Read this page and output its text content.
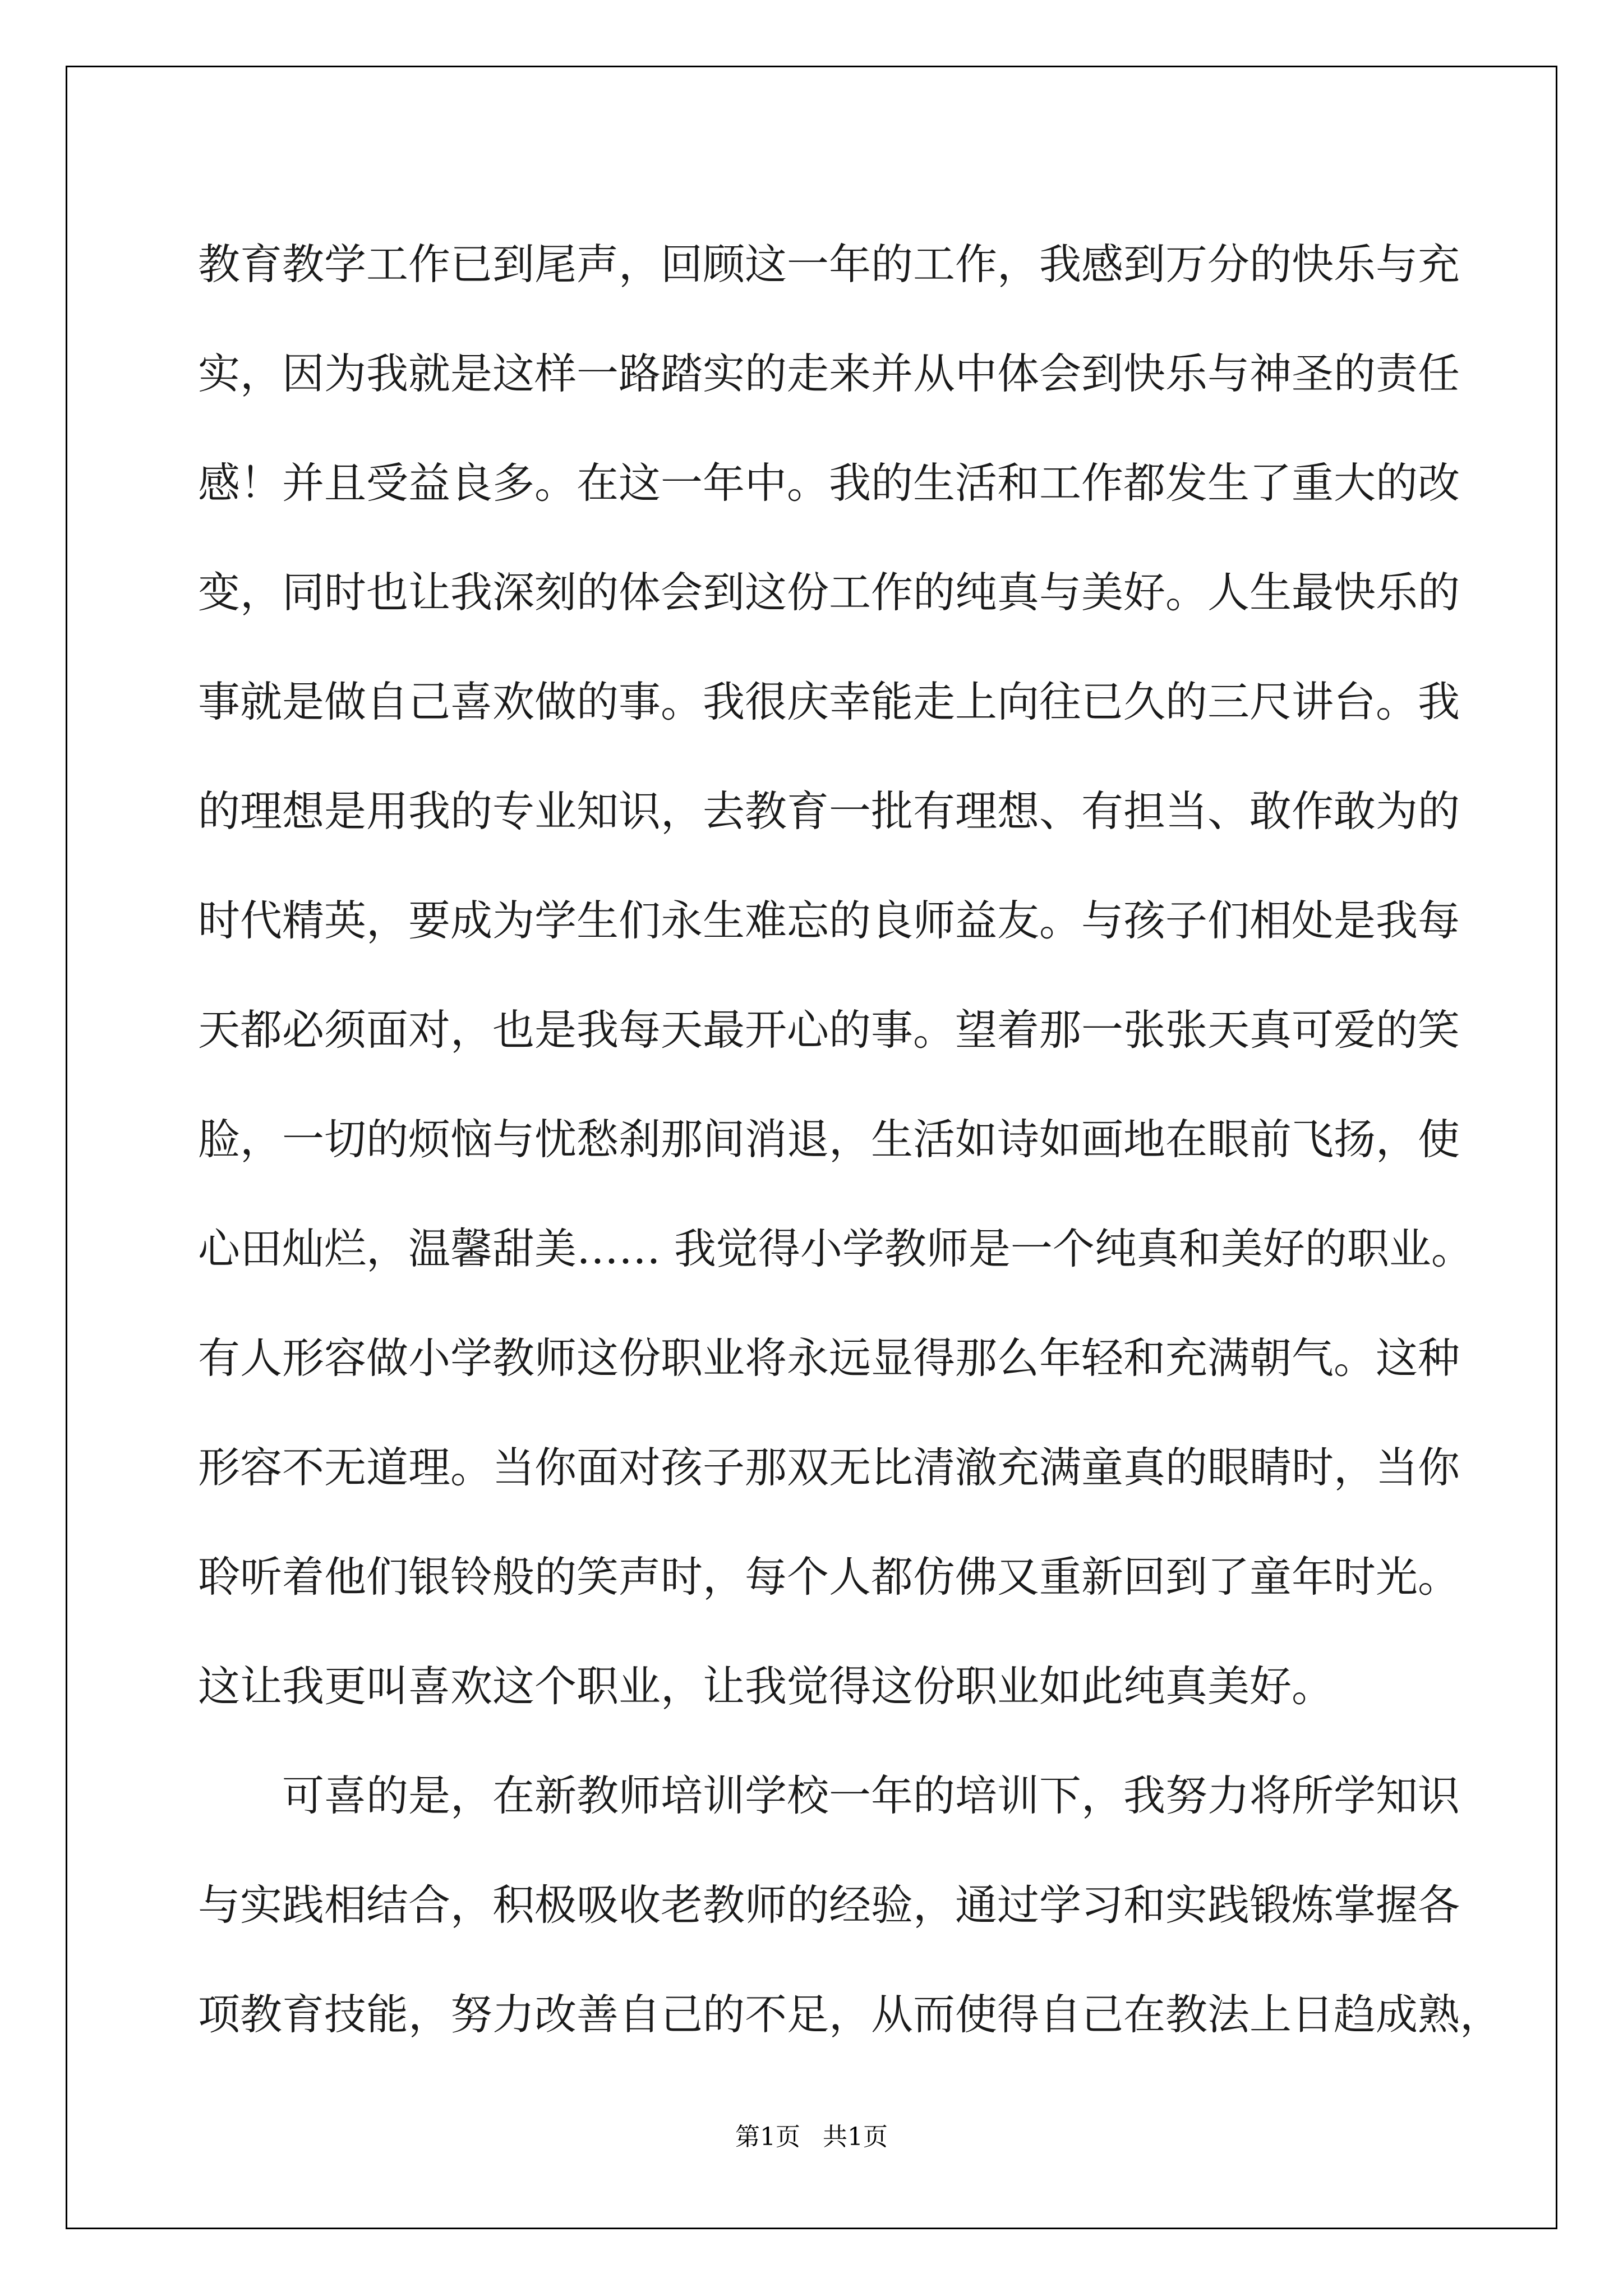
教育教学工作已到尾声，回顾这一年的工作，我感到万分的快乐与充
实，因为我就是这样一路踏实的走来并从中体会到快乐与神圣的责任
感！并且受益良多。在这一年中。我的生活和工作都发生了重大的改
变，同时也让我深刻的体会到这份工作的纯真与美好。人生最快乐的
事就是做自己喜欢做的事。我很庆幸能走上向往已久的三尺讲台。我
的理想是用我的专业知识，去教育一批有理想、有担当、敢作敢为的
时代精英，要成为学生们永生难忘的良师益友。与孩子们相处是我每
天都必须面对，也是我每天最开心的事。望着那一张张天真可爱的笑
脸，一切的烦恼与忧愁刹那间消退，生活如诗如画地在眼前飞扬，使
心田灿烂，温馨甜美…… 我觉得小学教师是一个纯真和美好的职业。
有人形容做小学教师这份职业将永远显得那么年轻和充满朝气。这种
形容不无道理。当你面对孩子那双无比清澈充满童真的眼睛时，当你
聆听着他们银铃般的笑声时，每个人都仿佛又重新回到了童年时光。
这让我更叫喜欢这个职业，让我觉得这份职业如此纯真美好。
可喜的是，在新教师培训学校一年的培训下，我努力将所学知识
与实践相结合，积极吸收老教师的经验，通过学习和实践锻炼掌握各
项教育技能，努力改善自己的不足，从而使得自己在教法上日趋成熟，
第1页 共1页
